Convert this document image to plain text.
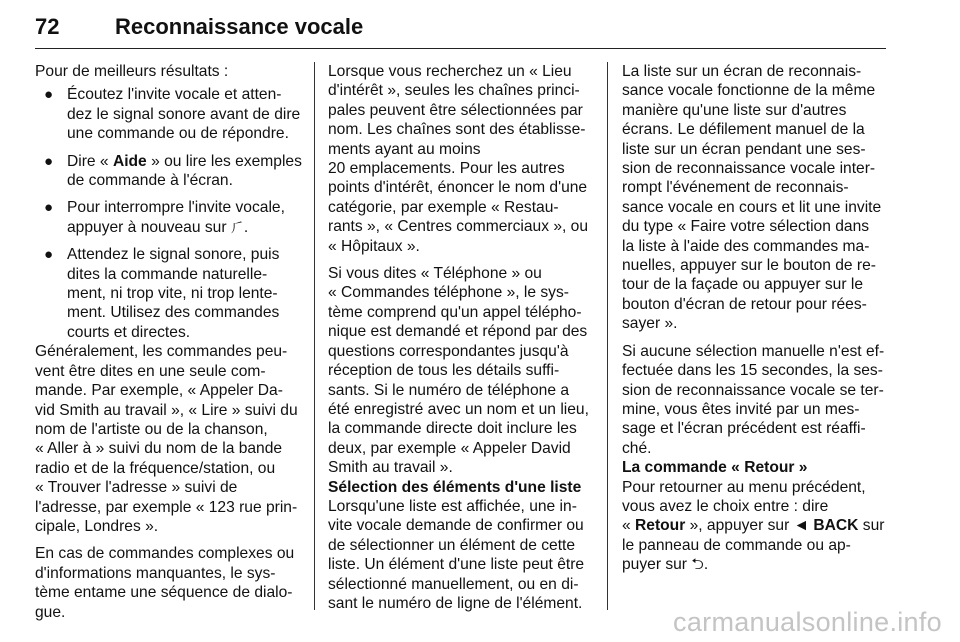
72	Reconnaissance vocale

Pour de meilleurs résultats :

● Écoutez l'invite vocale et atten-
dez le signal sonore avant de dire
une commande ou de répondre.
● Dire « Aide » ou lire les exemples
de commande à l'écran.
● Pour interrompre l'invite vocale,
appuyer à nouveau sur ⺁.
● Attendez le signal sonore, puis
dites la commande naturelle-
ment, ni trop vite, ni trop lente-
ment. Utilisez des commandes
courts et directes.
Généralement, les commandes peu-
vent être dites en une seule com-
mande. Par exemple, « Appeler Da-
vid Smith au travail », « Lire » suivi du
nom de l'artiste ou de la chanson,
« Aller à » suivi du nom de la bande
radio et de la fréquence/station, ou
« Trouver l'adresse » suivi de
l'adresse, par exemple « 123 rue prin-
cipale, Londres ».
En cas de commandes complexes ou
d'informations manquantes, le sys-
tème entame une séquence de dialo-
gue.
Lorsque vous recherchez un « Lieu
d'intérêt », seules les chaînes princi-
pales peuvent être sélectionnées par
nom. Les chaînes sont des établisse-
ments ayant au moins
20 emplacements. Pour les autres
points d'intérêt, énoncer le nom d'une
catégorie, par exemple « Restau-
rants », « Centres commerciaux », ou
« Hôpitaux ».
Si vous dites « Téléphone » ou
« Commandes téléphone », le sys-
tème comprend qu'un appel télépho-
nique est demandé et répond par des
questions correspondantes jusqu'à
réception de tous les détails suffi-
sants. Si le numéro de téléphone a
été enregistré avec un nom et un lieu,
la commande directe doit inclure les
deux, par exemple « Appeler David
Smith au travail ».
Sélection des éléments d'une liste
Lorsqu'une liste est affichée, une in-
vite vocale demande de confirmer ou
de sélectionner un élément de cette
liste. Un élément d'une liste peut être
sélectionné manuellement, ou en di-
sant le numéro de ligne de l'élément.
La liste sur un écran de reconnais-
sance vocale fonctionne de la même
manière qu'une liste sur d'autres
écrans. Le défilement manuel de la
liste sur un écran pendant une ses-
sion de reconnaissance vocale inter-
rompt l'événement de reconnais-
sance vocale en cours et lit une invite
du type « Faire votre sélection dans
la liste à l'aide des commandes ma-
nuelles, appuyer sur le bouton de re-
tour de la façade ou appuyer sur le
bouton d'écran de retour pour rées-
sayer ».
Si aucune sélection manuelle n'est ef-
fectuée dans les 15 secondes, la ses-
sion de reconnaissance vocale se ter-
mine, vous êtes invité par un mes-
sage et l'écran précédent est réaffi-
ché.
La commande « Retour »
Pour retourner au menu précédent,
vous avez le choix entre : dire
« Retour », appuyer sur ◄ BACK sur
le panneau de commande ou ap-
puyer sur ⮌.
carmanualsonline.info
